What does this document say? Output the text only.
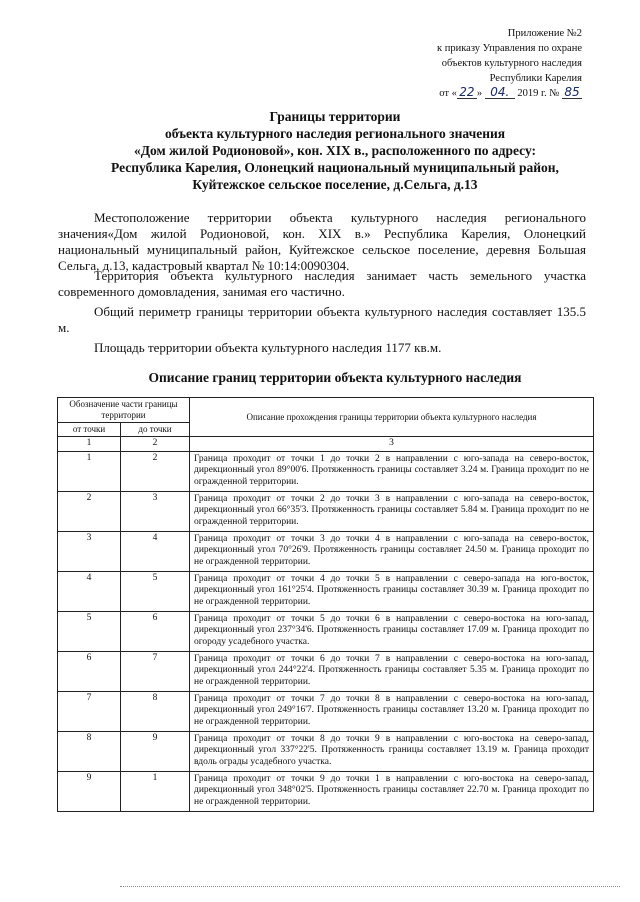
Приложение №2
к приказу Управления по охране
объектов культурного наследия
Республики Карелия
от « 22 » 04. 2019 г. № 85
Границы территории
объекта культурного наследия регионального значения
«Дом жилой Родионовой», кон. XIX в., расположенного по адресу:
Республика Карелия, Олонецкий национальный муниципальный район,
Куйтежское сельское поселение, д.Сельга, д.13
Местоположение территории объекта культурного наследия регионального значения«Дом жилой Родионовой, кон. XIX в.» Республика Карелия, Олонецкий национальный муниципальный район, Куйтежское сельское поселение, деревня Большая Сельга, д.13, кадастровый квартал № 10:14:0090304.
Территория объекта культурного наследия занимает часть земельного участка современного домовладения, занимая его частично.
Общий периметр границы территории объекта культурного наследия составляет 135.5 м.
Площадь территории объекта культурного наследия 1177 кв.м.
Описание границ территории объекта культурного наследия
Обозначение части границы территории		Описание прохождения границы территории объекта культурного наследия
от точки	до точки	
1	2	3
1	2	Граница проходит от точки 1 до точки 2 в направлении с юго-запада на северо-восток, дирекционный угол 89°00'6. Протяженность границы составляет 3.24 м. Граница проходит по не огражденной территории.
2	3	Граница проходит от точки 2 до точки 3 в направлении с юго-запада на северо-восток, дирекционный угол 66°35'3. Протяженность границы составляет 5.84 м. Граница проходит по не огражденной территории.
3	4	Граница проходит от точки 3 до точки 4 в направлении с юго-запада на северо-восток, дирекционный угол 70°26'9. Протяженность границы составляет 24.50 м. Граница проходит по не огражденной территории.
4	5	Граница проходит от точки 4 до точки 5 в направлении с северо-запада на юго-восток, дирекционный угол 161°25'4. Протяженность границы составляет 30.39 м. Граница проходит по не огражденной территории.
5	6	Граница проходит от точки 5 до точки 6 в направлении с северо-востока на юго-запад, дирекционный угол 237°34'6. Протяженность границы составляет 17.09 м. Граница проходит по огороду усадебного участка.
6	7	Граница проходит от точки 6 до точки 7 в направлении с северо-востока на юго-запад, дирекционный угол 244°22'4. Протяженность границы составляет 5.35 м. Граница проходит по не огражденной территории.
7	8	Граница проходит от точки 7 до точки 8 в направлении с северо-востока на юго-запад, дирекционный угол 249°16'7. Протяженность границы составляет 13.20 м. Граница проходит по не огражденной территории.
8	9	Граница проходит от точки 8 до точки 9 в направлении с юго-востока на северо-запад, дирекционный угол 337°22'5. Протяженность границы составляет 13.19 м. Граница проходит вдоль ограды усадебного участка.
9	1	Граница проходит от точки 9 до точки 1 в направлении с юго-востока на северо-запад, дирекционный угол 348°02'5. Протяженность границы составляет 22.70 м. Граница проходит по не огражденной территории.
